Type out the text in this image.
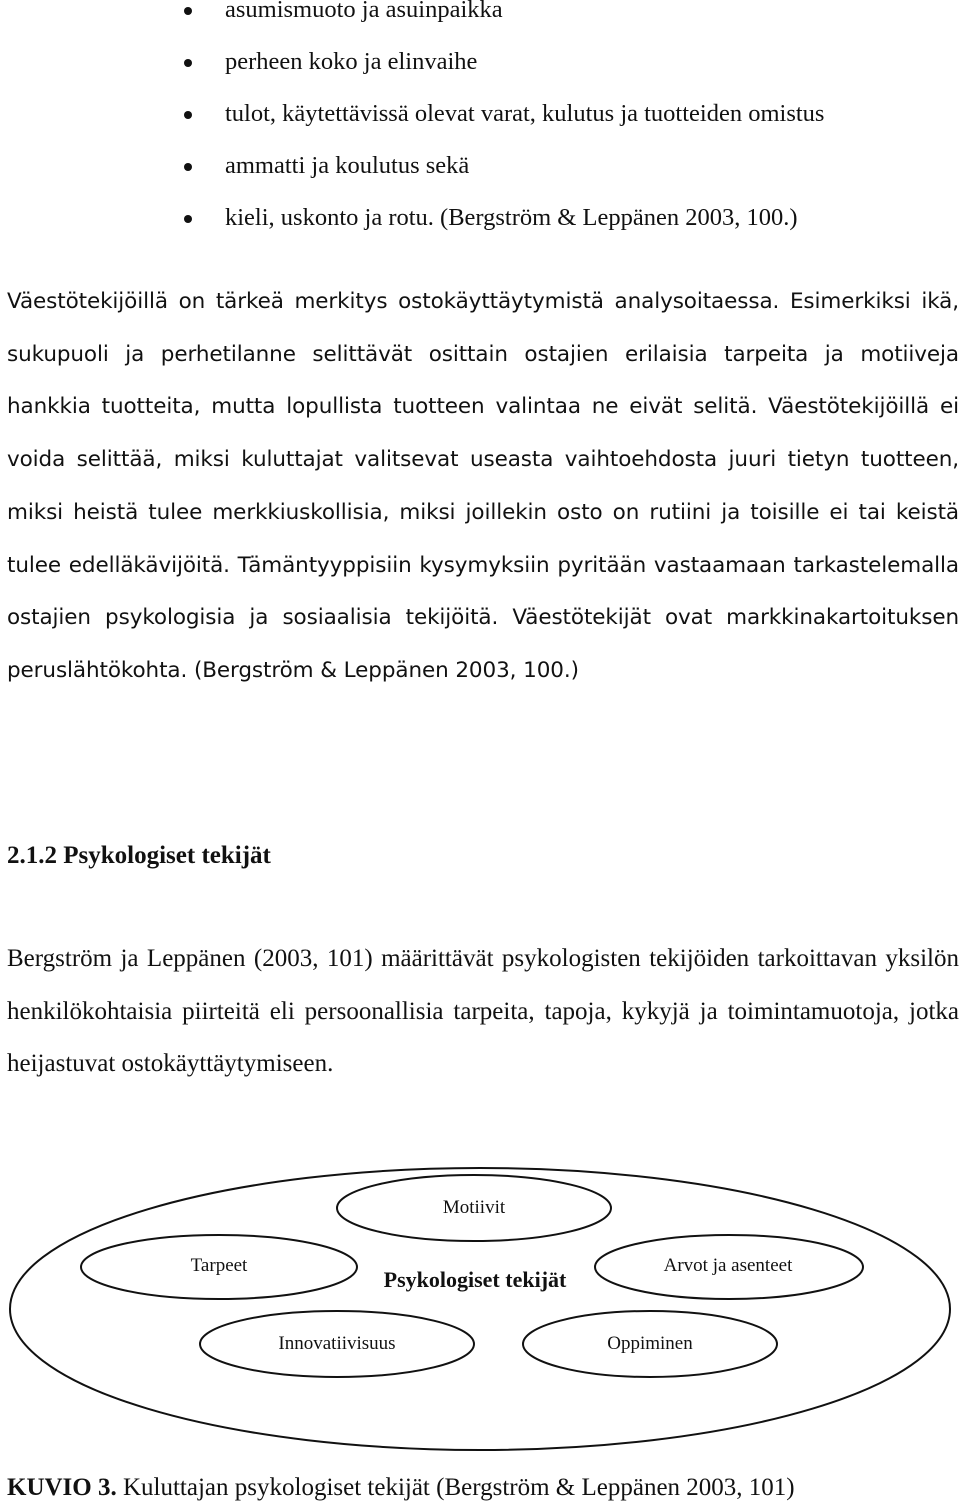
asumismuoto ja asuinpaikka
perheen koko ja elinvaihe
tulot, käytettävissä olevat varat, kulutus ja tuotteiden omistus
ammatti ja koulutus sekä
kieli, uskonto ja rotu. (Bergström & Leppänen 2003, 100.)

Väestötekijöillä on tärkeä merkitys ostokäyttäytymistä analysoitaessa. Esimerkiksi ikä, sukupuoli ja perhetilanne selittävät osittain ostajien erilaisia tarpeita ja motiiveja hankkia tuotteita, mutta lopullista tuotteen valintaa ne eivät selitä. Väestötekijöillä ei voida selittää, miksi kuluttajat valitsevat useasta vaihtoehdosta juuri tietyn tuotteen, miksi heistä tulee merkkiuskollisia, miksi joillekin osto on rutiini ja toisille ei tai keistä tulee edelläkävijöitä. Tämäntyyppisiin kysymyksiin pyritään vastaamaan tarkastelemalla ostajien psykologisia ja sosiaalisia tekijöitä. Väestötekijät ovat markkinakartoituksen peruslähtökohta. (Bergström & Leppänen 2003, 100.)

2.1.2 Psykologiset tekijät

Bergström ja Leppänen (2003, 101) määrittävät psykologisten tekijöiden tarkoittavan yksilön henkilökohtaisia piirteitä eli persoonallisia tarpeita, tapoja, kykyjä ja toimintamuotoja, jotka heijastuvat ostokäyttäytymiseen.

Motiivit
Tarpeet	Arvot ja asenteet
Psykologiset tekijät
Innovatiivisuus	Oppiminen

KUVIO 3. Kuluttajan psykologiset tekijät (Bergström & Leppänen 2003, 101)
